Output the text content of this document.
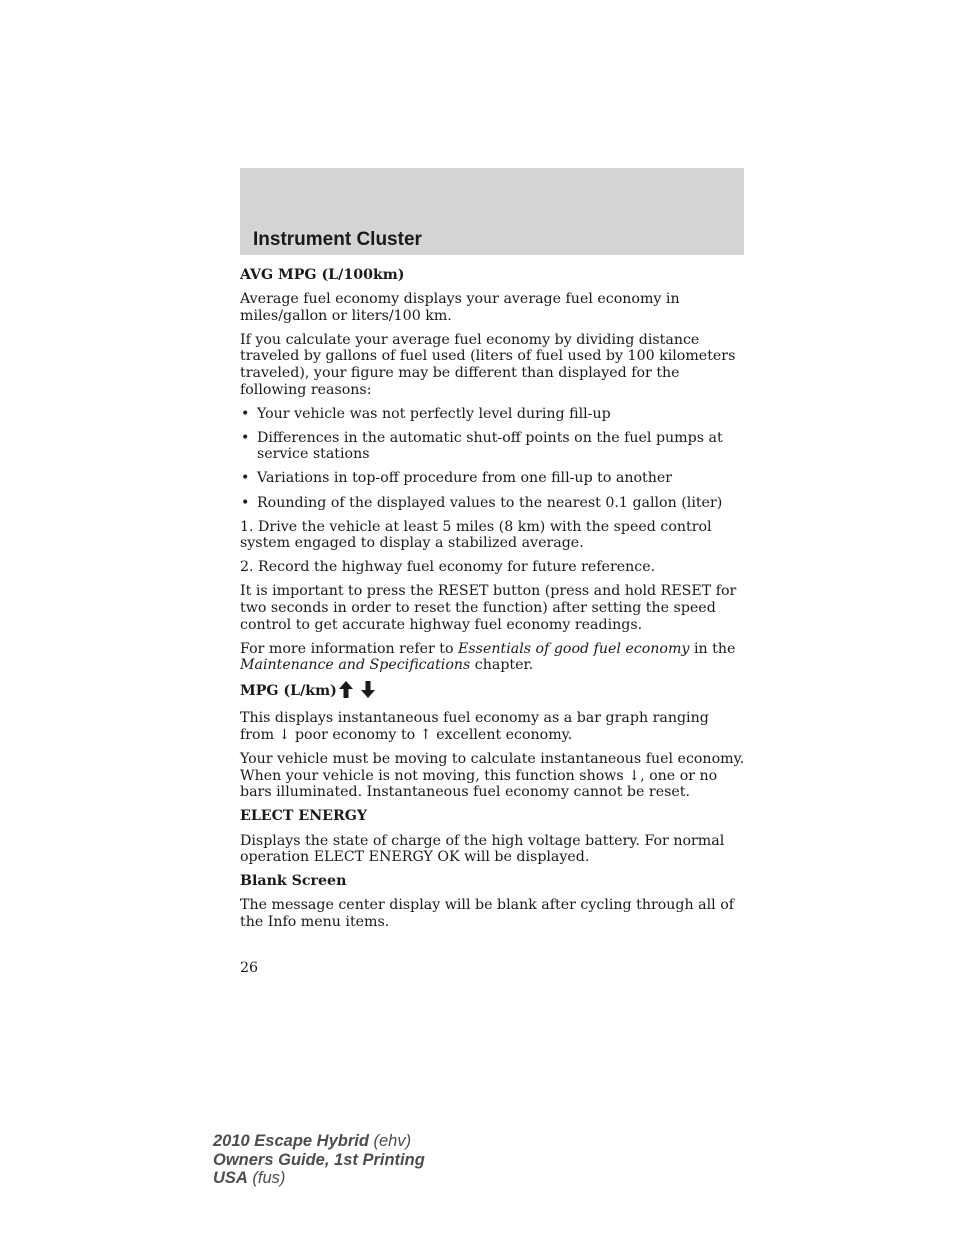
Instrument Cluster
AVG MPG (L/100km)

Average fuel economy displays your average fuel economy in miles/gallon or liters/100 km.

If you calculate your average fuel economy by dividing distance traveled by gallons of fuel used (liters of fuel used by 100 kilometers traveled), your figure may be different than displayed for the following reasons:

• Your vehicle was not perfectly level during fill-up
• Differences in the automatic shut-off points on the fuel pumps at service stations
• Variations in top-off procedure from one fill-up to another
• Rounding of the displayed values to the nearest 0.1 gallon (liter)

1. Drive the vehicle at least 5 miles (8 km) with the speed control system engaged to display a stabilized average.

2. Record the highway fuel economy for future reference.

It is important to press the RESET button (press and hold RESET for two seconds in order to reset the function) after setting the speed control to get accurate highway fuel economy readings.

For more information refer to Essentials of good fuel economy in the Maintenance and Specifications chapter.

MPG (L/km)

This displays instantaneous fuel economy as a bar graph ranging from ↓ poor economy to ↑ excellent economy.

Your vehicle must be moving to calculate instantaneous fuel economy. When your vehicle is not moving, this function shows ↓, one or no bars illuminated. Instantaneous fuel economy cannot be reset.

ELECT ENERGY

Displays the state of charge of the high voltage battery. For normal operation ELECT ENERGY OK will be displayed.

Blank Screen

The message center display will be blank after cycling through all of the Info menu items.

26
2010 Escape Hybrid (ehv)
Owners Guide, 1st Printing
USA (fus)
